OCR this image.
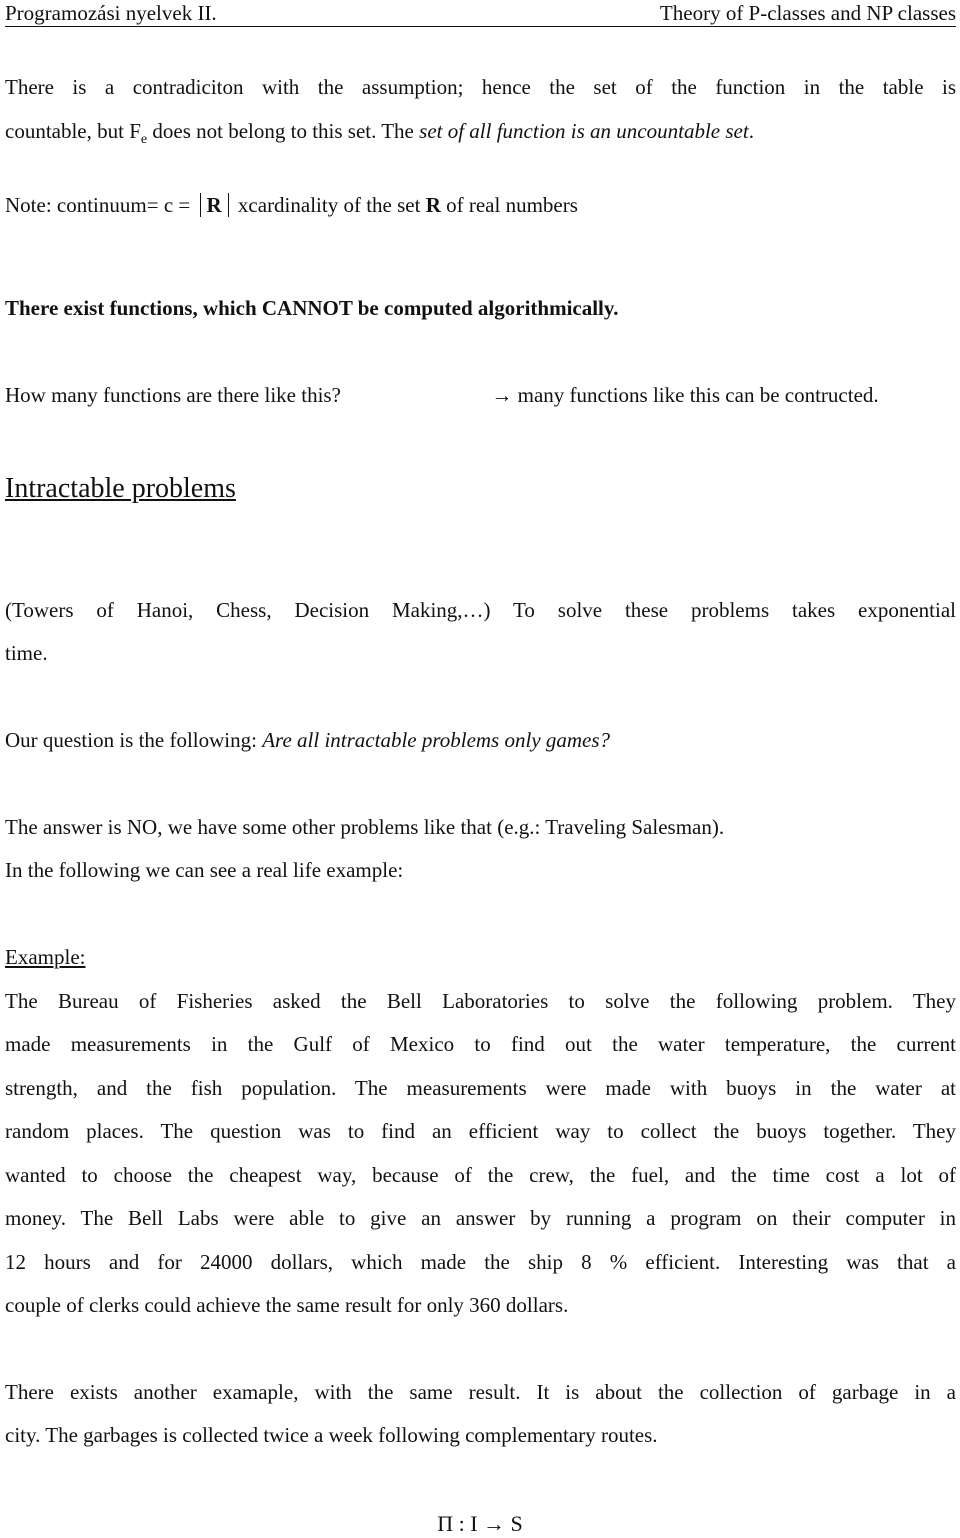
Programozási nyelvek II.	Theory of P-classes and NP classes
There is a contradiciton with the assumption; hence the set of the function in the table is
countable, but $F_e$ does not belong to this set. The set of all function is an uncountable set.
Note: continuum= c = R xcardinality of the set R of real numbers
There exist functions, which CANNOT be computed algorithmically.
How many functions are there like this?	→ many functions like this can be contructed.
Intractable problems
(Towers of Hanoi, Chess, Decision Making,…) To solve these problems takes exponential
time.
Our question is the following: Are all intractable problems only games?
The answer is NO, we have some other problems like that (e.g.: Traveling Salesman).
In the following we can see a real life example:
Example:
The Bureau of Fisheries asked the Bell Laboratories to solve the following problem. They
made measurements in the Gulf of Mexico to find out the water temperature, the current
strength, and the fish population. The measurements were made with buoys in the water at
random places. The question was to find an efficient way to collect the buoys together. They
wanted to choose the cheapest way, because of the crew, the fuel, and the time cost a lot of
money. The Bell Labs were able to give an answer by running a program on their computer in
12 hours and for 24000 dollars, which made the ship 8 % efficient. Interesting was that a
couple of clerks could achieve the same result for only 360 dollars.
There exists another examaple, with the same result. It is about the collection of garbage in a
city. The garbages is collected twice a week following complementary routes.
Π : I → S
